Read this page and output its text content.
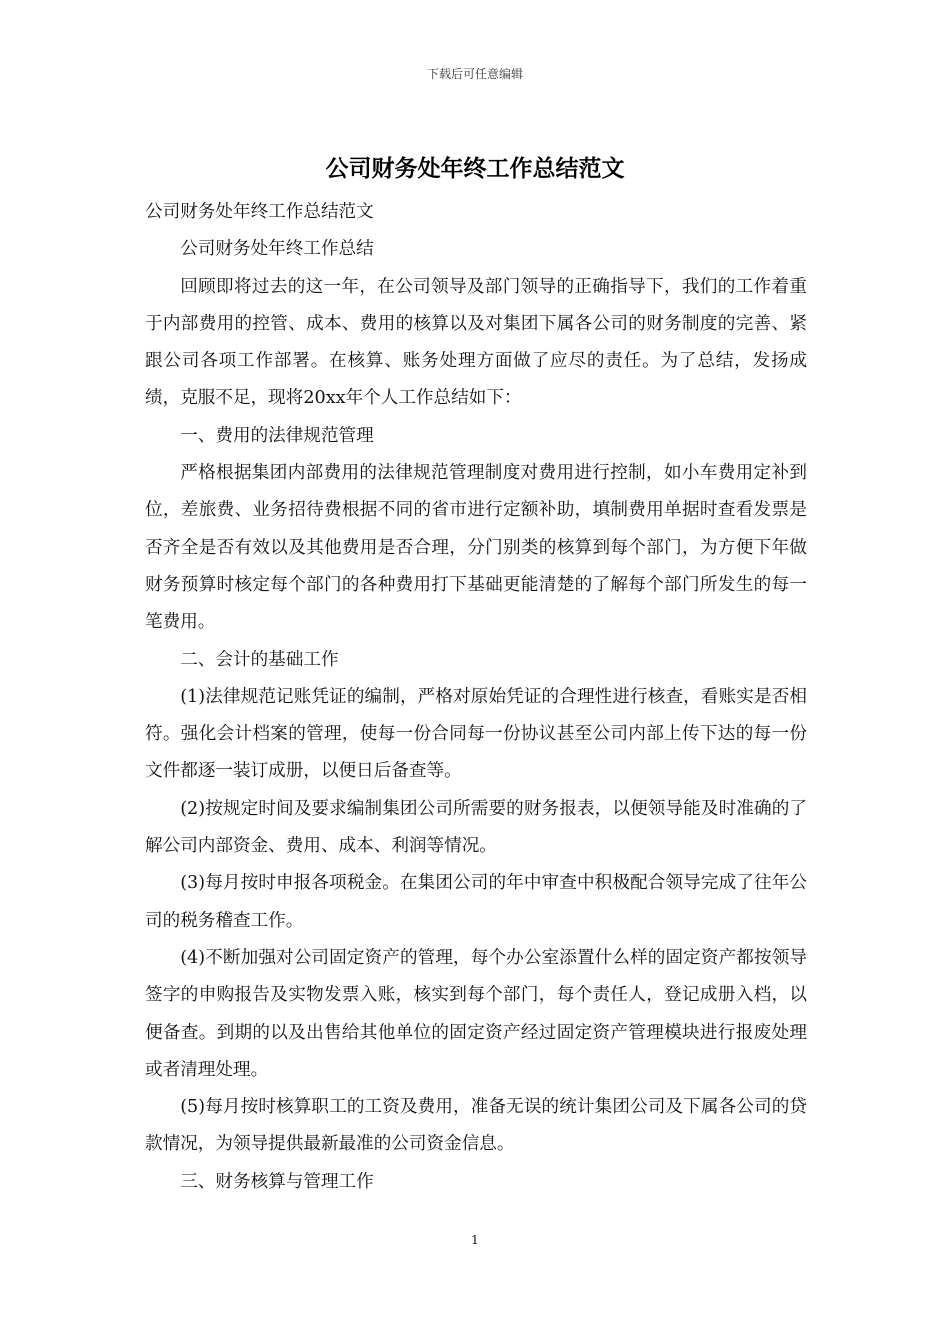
下载后可任意编辑
公司财务处年终工作总结范文

公司财务处年终工作总结范文

公司财务处年终工作总结

回顾即将过去的这一年，在公司领导及部门领导的正确指导下，我们的工作着重于内部费用的控管、成本、费用的核算以及对集团下属各公司的财务制度的完善、紧跟公司各项工作部署。在核算、账务处理方面做了应尽的责任。为了总结，发扬成绩，克服不足，现将20xx年个人工作总结如下：

一、费用的法律规范管理

严格根据集团内部费用的法律规范管理制度对费用进行控制，如小车费用定补到位，差旅费、业务招待费根据不同的省市进行定额补助，填制费用单据时查看发票是否齐全是否有效以及其他费用是否合理，分门别类的核算到每个部门，为方便下年做财务预算时核定每个部门的各种费用打下基础更能清楚的了解每个部门所发生的每一笔费用。

二、会计的基础工作

(1)法律规范记账凭证的编制，严格对原始凭证的合理性进行核查，看账实是否相符。强化会计档案的管理，使每一份合同每一份协议甚至公司内部上传下达的每一份文件都逐一装订成册，以便日后备查等。

(2)按规定时间及要求编制集团公司所需要的财务报表，以便领导能及时准确的了解公司内部资金、费用、成本、利润等情况。

(3)每月按时申报各项税金。在集团公司的年中审查中积极配合领导完成了往年公司的税务稽查工作。

(4)不断加强对公司固定资产的管理，每个办公室添置什么样的固定资产都按领导签字的申购报告及实物发票入账，核实到每个部门，每个责任人，登记成册入档，以便备查。到期的以及出售给其他单位的固定资产经过固定资产管理模块进行报废处理或者清理处理。

(5)每月按时核算职工的工资及费用，准备无误的统计集团公司及下属各公司的贷款情况，为领导提供最新最准的公司资金信息。

三、财务核算与管理工作

1
